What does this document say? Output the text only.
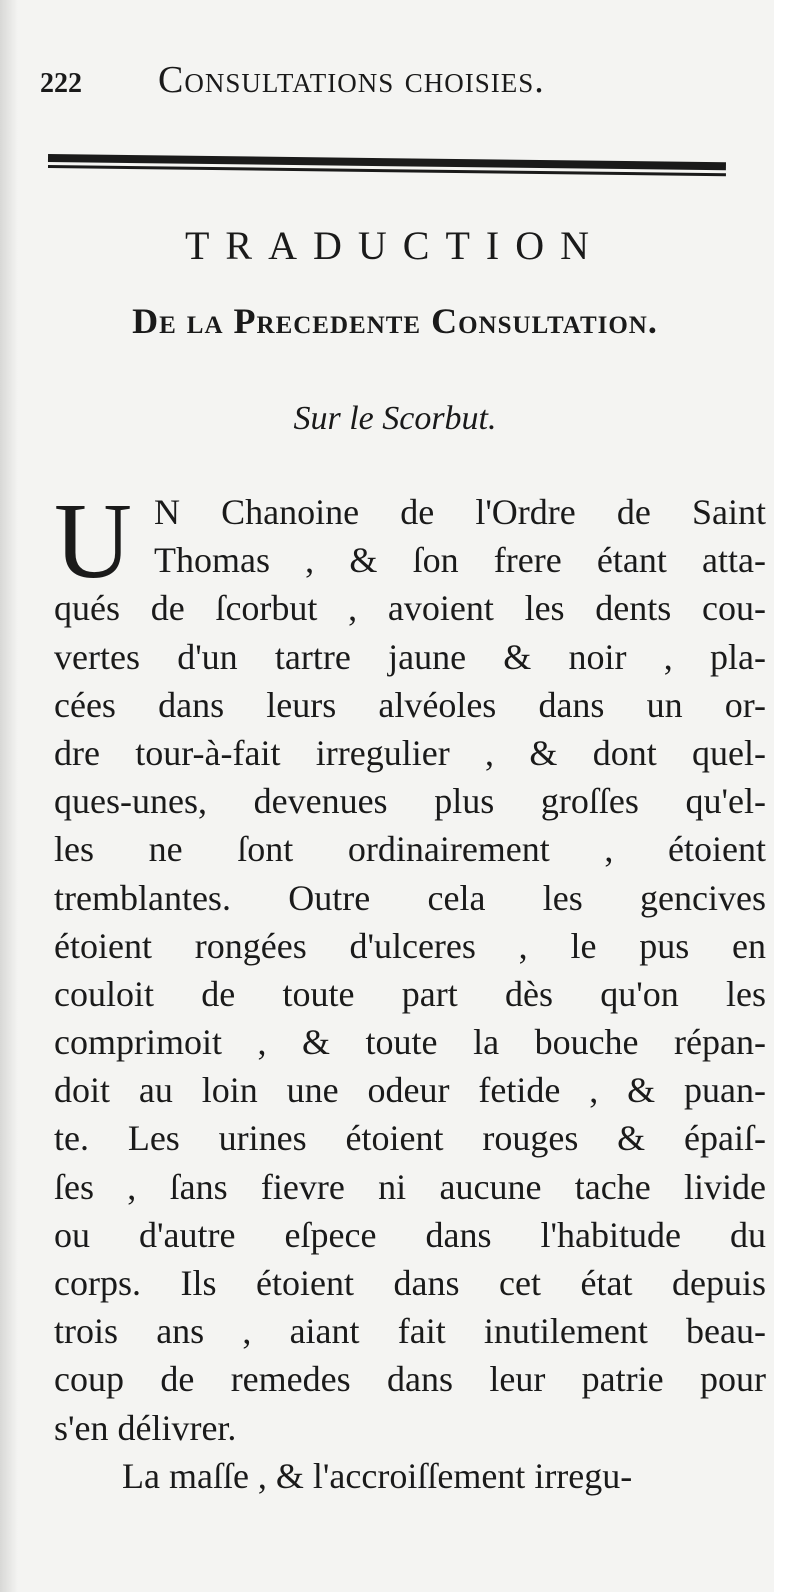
222 Consultations choisies.
TRADUCTION
De la Precedente Consultation.
Sur le Scorbut.
U N Chanoine de l'Ordre de Saint
Thomas , & ſon frere étant atta-
qués de ſcorbut , avoient les dents cou-
vertes d'un tartre jaune & noir , pla-
cées dans leurs alvéoles dans un or-
dre tour-à-fait irregulier , & dont quel-
ques-unes, devenues plus groſſes qu'el-
les ne ſont ordinairement , étoient
tremblantes. Outre cela les gencives
étoient rongées d'ulceres , le pus en
couloit de toute part dès qu'on les
comprimoit , & toute la bouche répan-
doit au loin une odeur fetide , & puan-
te. Les urines étoient rouges & épaiſ-
ſes , ſans fievre ni aucune tache livide
ou d'autre eſpece dans l'habitude du
corps. Ils étoient dans cet état depuis
trois ans , aiant fait inutilement beau-
coup de remedes dans leur patrie pour
s'en délivrer.
La maſſe , & l'accroiſſement irregu-
